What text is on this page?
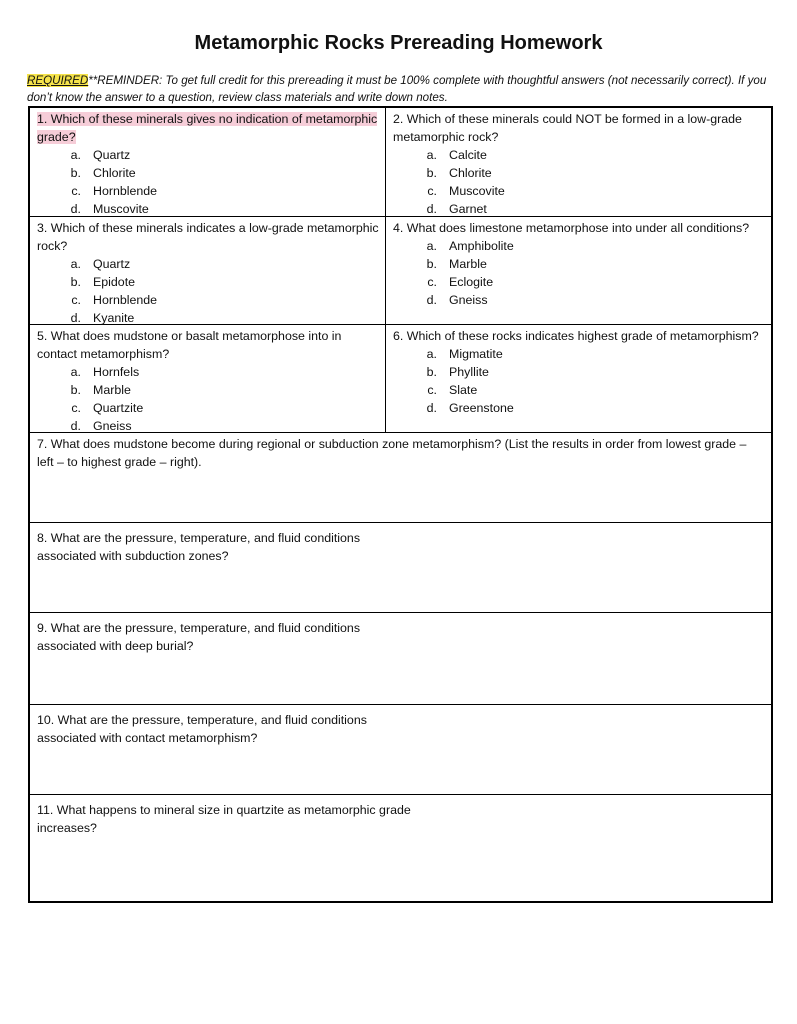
Metamorphic Rocks Prereading Homework
REQUIRED**REMINDER: To get full credit for this prereading it must be 100% complete with thoughtful answers (not necessarily correct). If you don’t know the answer to a question, review class materials and write down notes.

1. Which of these minerals gives no indication of metamorphic grade?

a. Quartz
b. Chlorite
c. Hornblende
d. Muscovite

2. Which of these minerals could NOT be formed in a low-grade metamorphic rock?

a. Calcite
b. Chlorite
c. Muscovite
d. Garnet

3. Which of these minerals indicates a low-grade metamorphic rock?

a. Quartz
b. Epidote
c. Hornblende
d. Kyanite

4. What does limestone metamorphose into under all conditions?

a. Amphibolite
b. Marble
c. Eclogite
d. Gneiss

5. What does mudstone or basalt metamorphose into in contact metamorphism?

a. Hornfels
b. Marble
c. Quartzite
d. Gneiss

6. Which of these rocks indicates highest grade of metamorphism?

a. Migmatite
b. Phyllite
c. Slate
d. Greenstone

7. What does mudstone become during regional or subduction zone metamorphism? (List the results in order from lowest grade – left – to highest grade – right).

8. What are the pressure, temperature, and fluid conditions associated with subduction zones?

9. What are the pressure, temperature, and fluid conditions associated with deep burial?

10. What are the pressure, temperature, and fluid conditions associated with contact metamorphism?

11. What happens to mineral size in quartzite as metamorphic grade increases?
